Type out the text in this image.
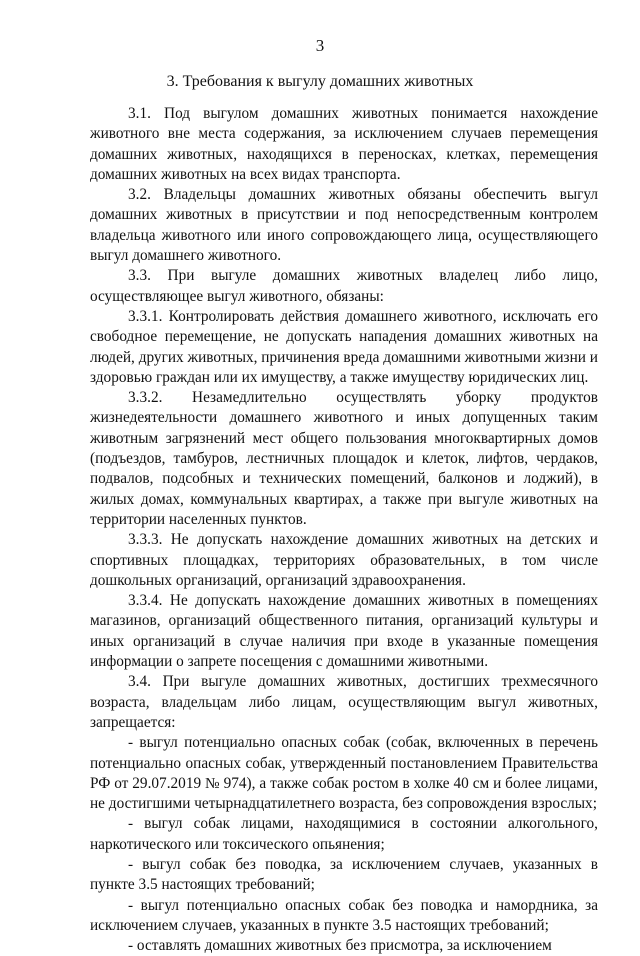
3
3. Требования к выгулу домашних животных

3.1. Под выгулом домашних животных понимается нахождение животного вне места содержания, за исключением случаев перемещения домашних животных, находящихся в переносках, клетках, перемещения домашних животных на всех видах транспорта.

3.2. Владельцы домашних животных обязаны обеспечить выгул домашних животных в присутствии и под непосредственным контролем владельца животного или иного сопровождающего лица, осуществляющего выгул домашнего животного.

3.3. При выгуле домашних животных владелец либо лицо, осуществляющее выгул животного, обязаны:

3.3.1. Контролировать действия домашнего животного, исключать его свободное перемещение, не допускать нападения домашних животных на людей, других животных, причинения вреда домашними животными жизни и здоровью граждан или их имуществу, а также имуществу юридических лиц.

3.3.2. Незамедлительно осуществлять уборку продуктов жизнедеятельности домашнего животного и иных допущенных таким животным загрязнений мест общего пользования многоквартирных домов (подъездов, тамбуров, лестничных площадок и клеток, лифтов, чердаков, подвалов, подсобных и технических помещений, балконов и лоджий), в жилых домах, коммунальных квартирах, а также при выгуле животных на территории населенных пунктов.

3.3.3. Не допускать нахождение домашних животных на детских и спортивных площадках, территориях образовательных, в том числе дошкольных организаций, организаций здравоохранения.

3.3.4. Не допускать нахождение домашних животных в помещениях магазинов, организаций общественного питания, организаций культуры и иных организаций в случае наличия при входе в указанные помещения информации о запрете посещения с домашними животными.

3.4. При выгуле домашних животных, достигших трехмесячного возраста, владельцам либо лицам, осуществляющим выгул животных, запрещается:

- выгул потенциально опасных собак (собак, включенных в перечень потенциально опасных собак, утвержденный постановлением Правительства РФ от 29.07.2019 № 974), а также собак ростом в холке 40 см и более лицами, не достигшими четырнадцатилетнего возраста, без сопровождения взрослых;

- выгул собак лицами, находящимися в состоянии алкогольного, наркотического или токсического опьянения;

- выгул собак без поводка, за исключением случаев, указанных в пункте 3.5 настоящих требований;

- выгул потенциально опасных собак без поводка и намордника, за исключением случаев, указанных в пункте 3.5 настоящих требований;

- оставлять домашних животных без присмотра, за исключением
